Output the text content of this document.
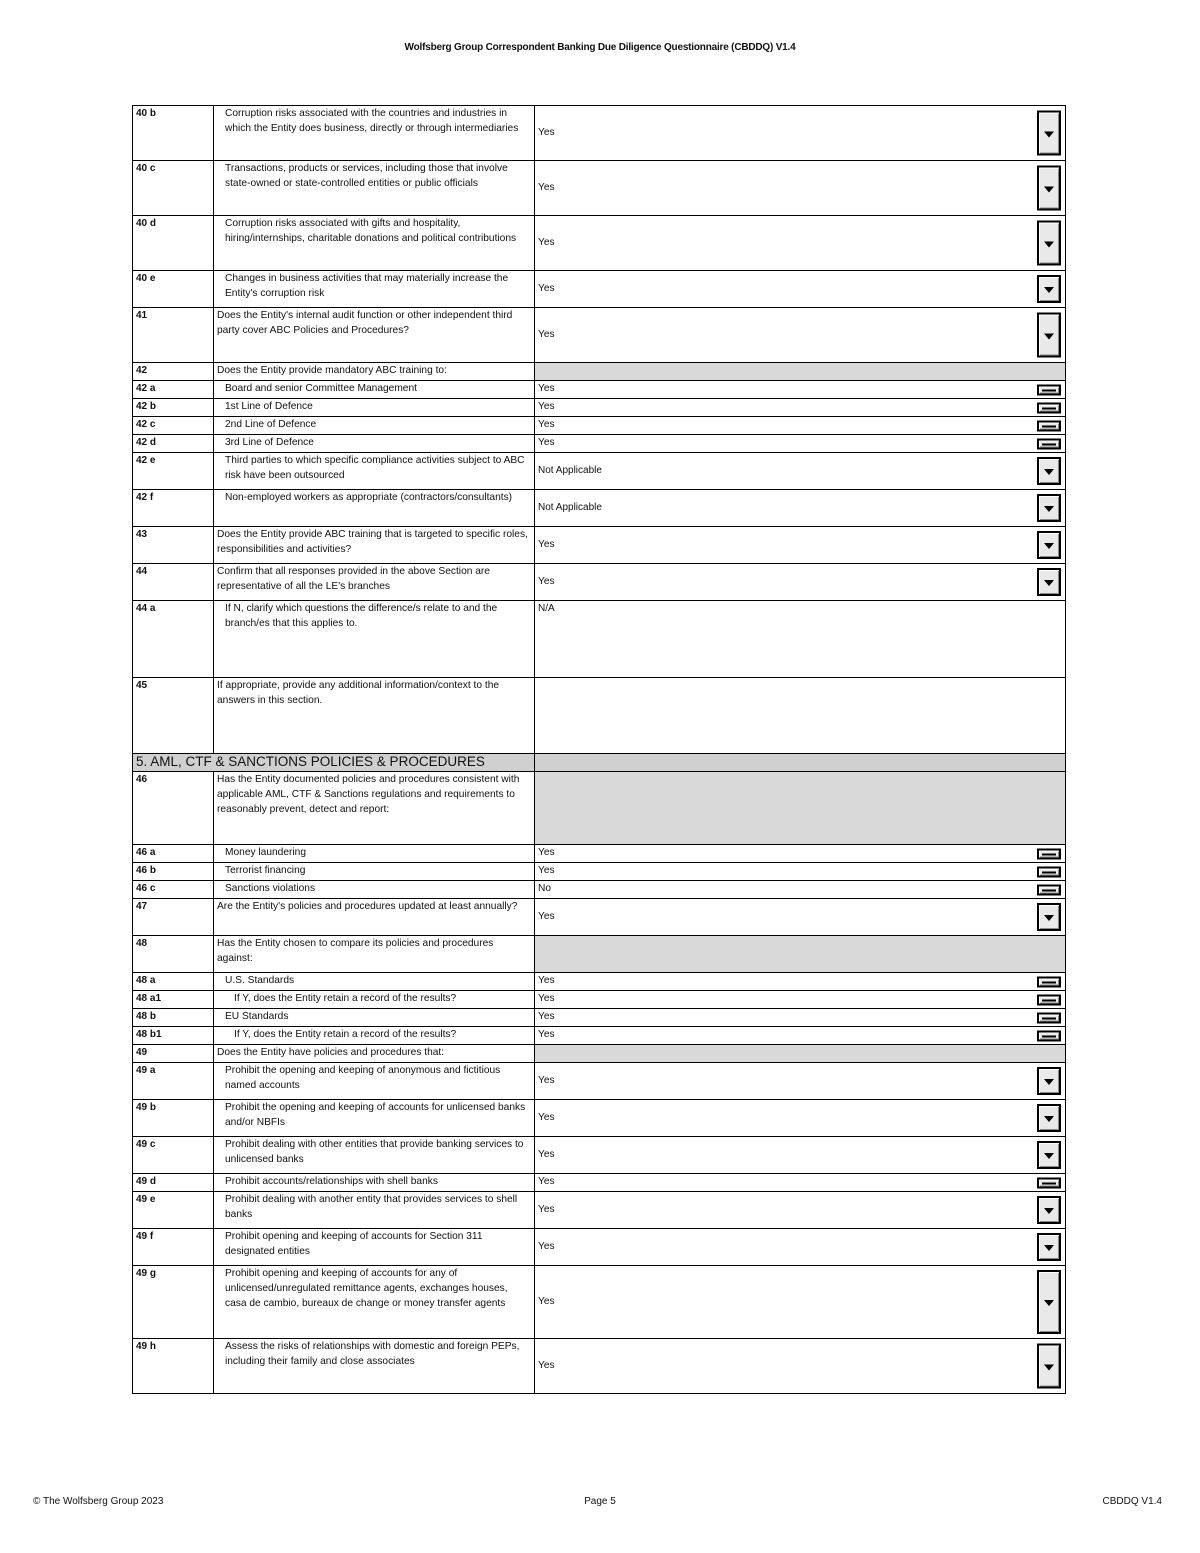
Wolfsberg Group Correspondent Banking Due Diligence Questionnaire (CBDDQ) V1.4
40 b	Corruption risks associated with the countries and industries in which the Entity does business, directly or through intermediaries	Yes

40 c	Transactions, products or services, including those that involve state-owned or state-controlled entities or public officials	Yes

40 d	Corruption risks associated with gifts and hospitality, hiring/internships, charitable donations and political contributions	Yes

40 e	Changes in business activities that may materially increase the Entity's corruption risk	Yes

41	Does the Entity's internal audit function or other independent third party cover ABC Policies and Procedures?	Yes

42	Does the Entity provide mandatory ABC training to:	
42 a	Board and senior Committee Management	Yes

42 b	1st Line of Defence	Yes

42 c	2nd Line of Defence	Yes

42 d	3rd Line of Defence	Yes

42 e	Third parties to which specific compliance activities subject to ABC risk have been outsourced	Not Applicable

42 f	Non-employed workers as appropriate (contractors/consultants)	Not Applicable

43	Does the Entity provide ABC training that is targeted to specific roles, responsibilities and activities?	Yes

44	Confirm that all responses provided in the above Section are representative of all the LE's branches	Yes

44 a	If N, clarify which questions the difference/s relate to and the branch/es that this applies to.	N/A
45	If appropriate, provide any additional information/context to the answers in this section.	
5. AML, CTF & SANCTIONS POLICIES & PROCEDURES		
46	Has the Entity documented policies and procedures consistent with applicable AML, CTF & Sanctions regulations and requirements to reasonably prevent, detect and report:	
46 a	Money laundering	Yes

46 b	Terrorist financing	Yes

46 c	Sanctions violations	No

47	Are the Entity's policies and procedures updated at least annually?	Yes

48	Has the Entity chosen to compare its policies and procedures against:	
48 a	U.S. Standards	Yes

48 a1	If Y, does the Entity retain a record of the results?	Yes

48 b	EU Standards	Yes

48 b1	If Y, does the Entity retain a record of the results?	Yes

49	Does the Entity have policies and procedures that:	
49 a	Prohibit the opening and keeping of anonymous and fictitious named accounts	Yes

49 b	Prohibit the opening and keeping of accounts for unlicensed banks and/or NBFIs	Yes

49 c	Prohibit dealing with other entities that provide banking services to unlicensed banks	Yes

49 d	Prohibit accounts/relationships with shell banks	Yes

49 e	Prohibit dealing with another entity that provides services to shell banks	Yes

49 f	Prohibit opening and keeping of accounts for Section 311 designated entities	Yes

49 g	Prohibit opening and keeping of accounts for any of unlicensed/unregulated remittance agents, exchanges houses, casa de cambio, bureaux de change or money transfer agents	Yes

49 h	Assess the risks of relationships with domestic and foreign PEPs, including their family and close associates	Yes
© The Wolfsberg Group 2023	Page 5	CBDDQ V1.4
